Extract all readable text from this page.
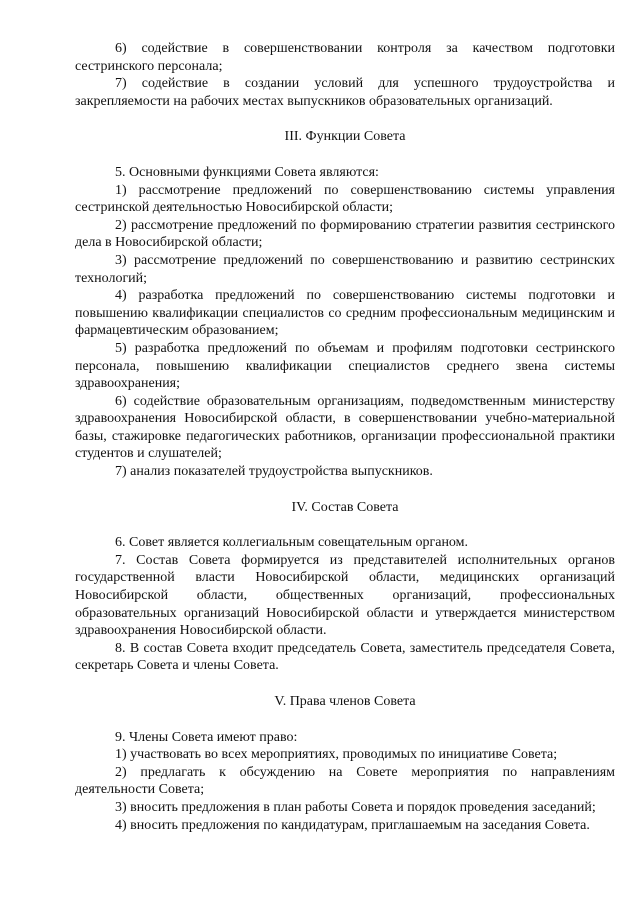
6) содействие в совершенствовании контроля за качеством подготовки сестринского персонала;

7) содействие в создании условий для успешного трудоустройства и закрепляемости на рабочих местах выпускников образовательных организаций.

III. Функции Совета

5. Основными функциями Совета являются:

1) рассмотрение предложений по совершенствованию системы управления сестринской деятельностью Новосибирской области;

2) рассмотрение предложений по формированию стратегии развития сестринского дела в Новосибирской области;

3) рассмотрение предложений по совершенствованию и развитию сестринских технологий;

4) разработка предложений по совершенствованию системы подготовки и повышению квалификации специалистов со средним профессиональным медицинским и фармацевтическим образованием;

5) разработка предложений по объемам и профилям подготовки сестринского персонала, повышению квалификации специалистов среднего звена системы здравоохранения;

6) содействие образовательным организациям, подведомственным министерству здравоохранения Новосибирской области, в совершенствовании учебно-материальной базы, стажировке педагогических работников, организации профессиональной практики студентов и слушателей;

7) анализ показателей трудоустройства выпускников.

IV. Состав Совета

6. Совет является коллегиальным совещательным органом.

7. Состав Совета формируется из представителей исполнительных органов государственной власти Новосибирской области, медицинских организаций Новосибирской области, общественных организаций, профессиональных образовательных организаций Новосибирской области и утверждается министерством здравоохранения Новосибирской области.

8. В состав Совета входит председатель Совета, заместитель председателя Совета, секретарь Совета и члены Совета.

V. Права членов Совета

9. Члены Совета имеют право:

1) участвовать во всех мероприятиях, проводимых по инициативе Совета;

2) предлагать к обсуждению на Совете мероприятия по направлениям деятельности Совета;

3) вносить предложения в план работы Совета и порядок проведения заседаний;

4) вносить предложения по кандидатурам, приглашаемым на заседания Совета.
